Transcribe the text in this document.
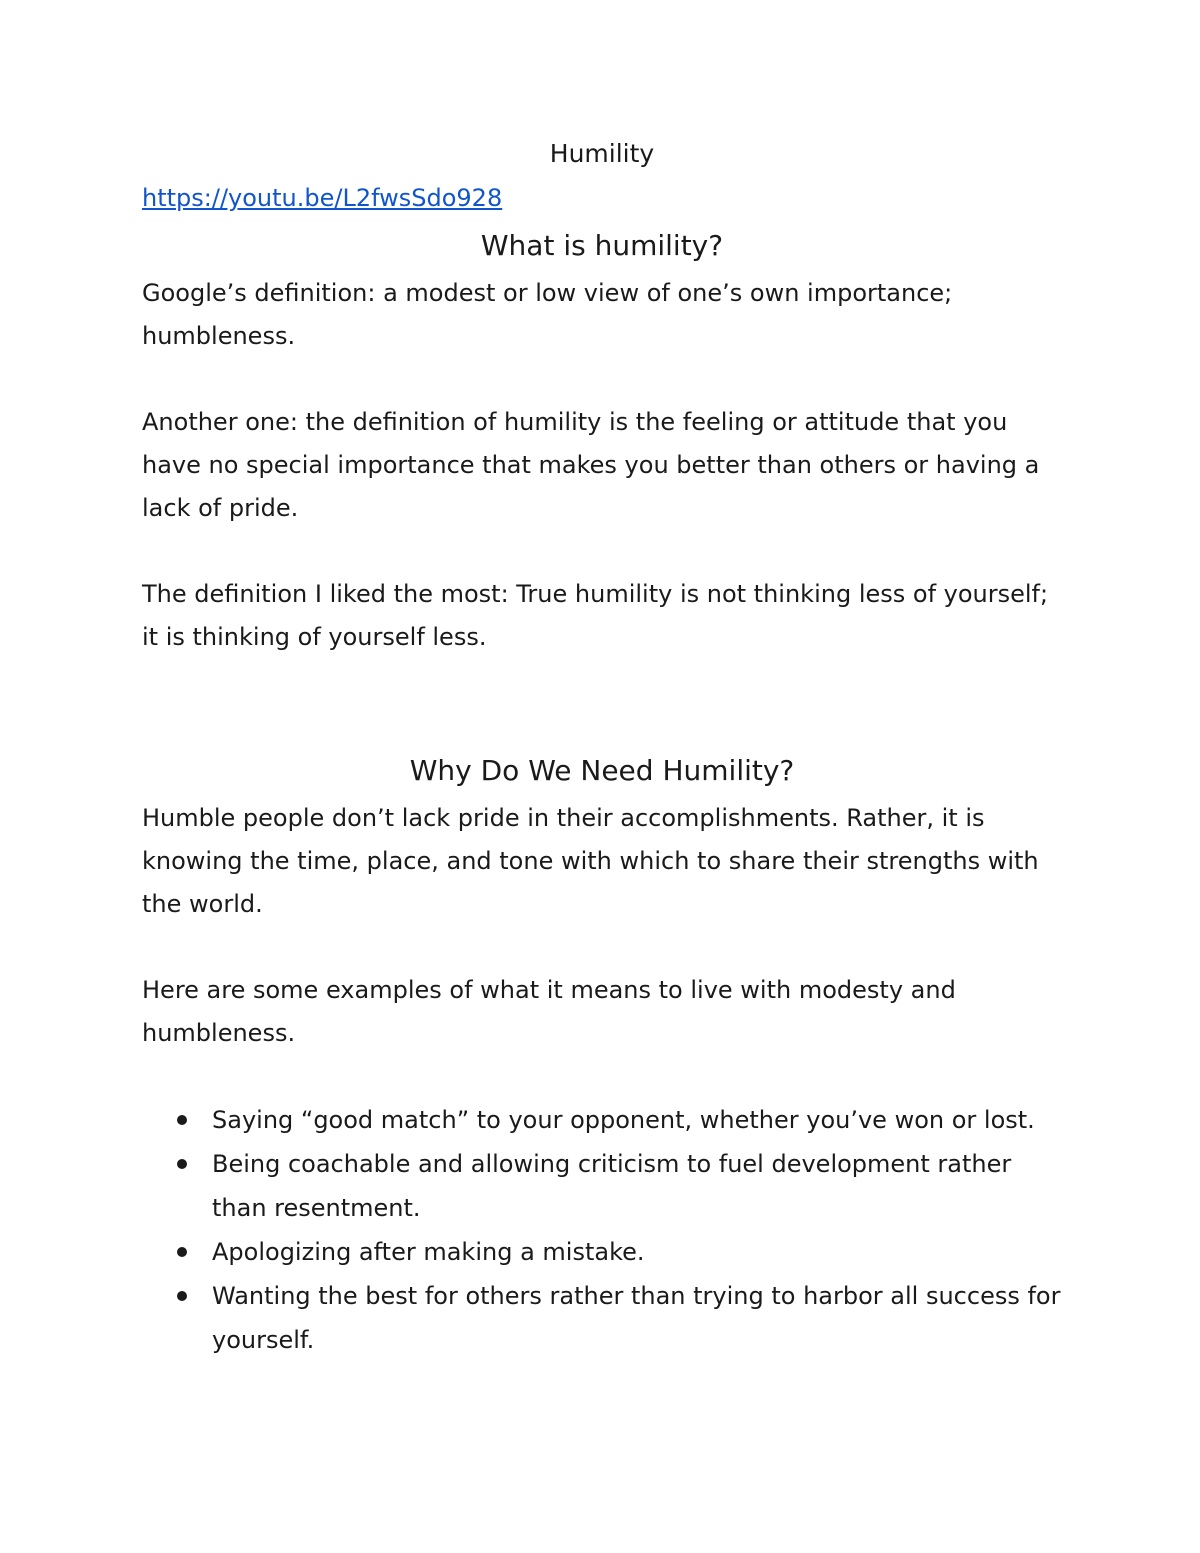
Humility
https://youtu.be/L2fwsSdo928
What is humility?

Google’s definition: a modest or low view of one’s own importance; humbleness.

Another one: the definition of humility is the feeling or attitude that you have no special importance that makes you better than others or having a lack of pride.

The definition I liked the most: True humility is not thinking less of yourself; it is thinking of yourself less.

Why Do We Need Humility?

Humble people don’t lack pride in their accomplishments. Rather, it is knowing the time, place, and tone with which to share their strengths with the world.

Here are some examples of what it means to live with modesty and humbleness.

Saying “good match” to your opponent, whether you’ve won or lost.
Being coachable and allowing criticism to fuel development rather than resentment.
Apologizing after making a mistake.
Wanting the best for others rather than trying to harbor all success for yourself.
